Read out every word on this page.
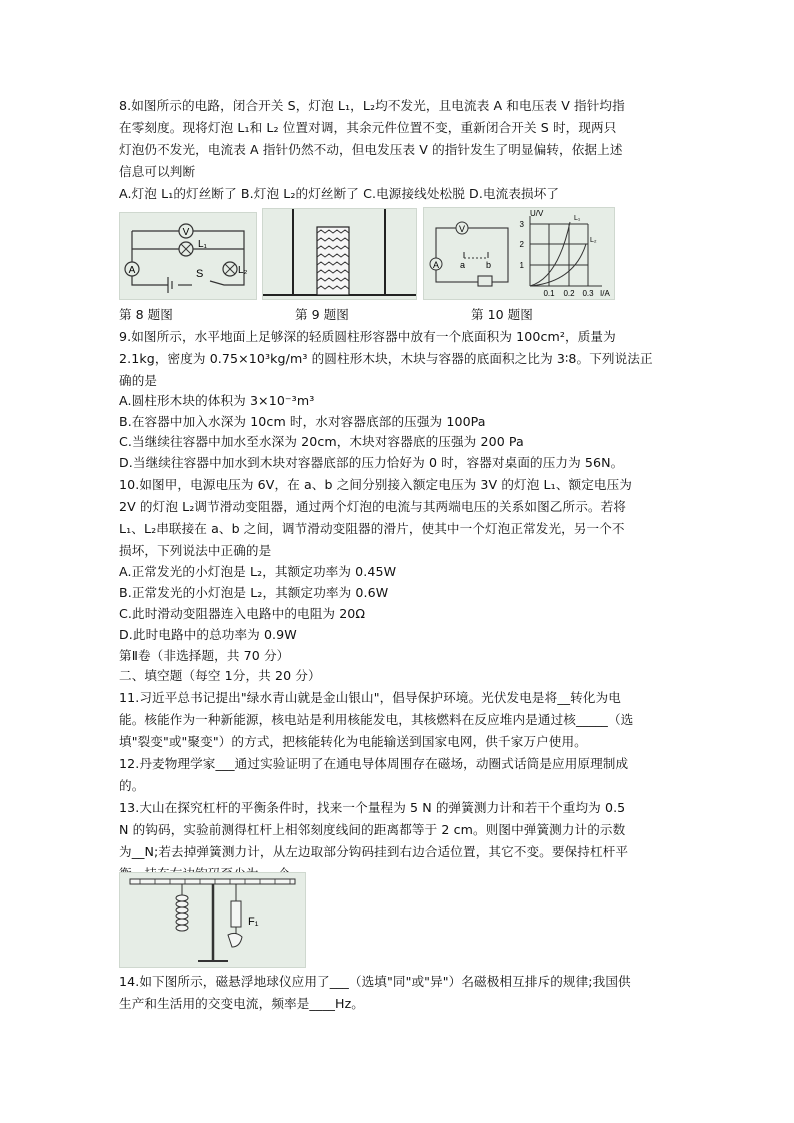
8.如图所示的电路，闭合开关 S，灯泡 L₁，L₂均不发光，且电流表 A 和电压表 V 指针均指
在零刻度。现将灯泡 L₁和 L₂ 位置对调，其余元件位置不变，重新闭合开关 S 时，现两只
灯泡仍不发光，电流表 A 指针仍然不动，但电发压表 V 的指针发生了明显偏转，依据上述
信息可以判断
A.灯泡 L₁的灯丝断了 B.灯泡 L₂的灯丝断了 C.电源接线处松脱 D.电流表损坏了
V
L₁
A	S	L₂
V
A a b
U/V
L₁
L₂
3
2
1
0.1 0.2 0.3 I/A
第 8 题图	第 9 题图	第 10 题图
9.如图所示，水平地面上足够深的轻质圆柱形容器中放有一个底面积为 100cm²，质量为
2.1kg，密度为 0.75×10³kg/m³ 的圆柱形木块，木块与容器的底面积之比为 3∶8。下列说法正
确的是
A.圆柱形木块的体积为 3×10⁻³m³
B.在容器中加入水深为 10cm 时，水对容器底部的压强为 100Pa
C.当继续往容器中加水至水深为 20cm，木块对容器底的压强为 200 Pa
D.当继续往容器中加水到木块对容器底部的压力恰好为 0 时，容器对桌面的压力为 56N。
10.如图甲，电源电压为 6V，在 a、b 之间分别接入额定电压为 3V 的灯泡 L₁、额定电压为
2V 的灯泡 L₂调节滑动变阻器，通过两个灯泡的电流与其两端电压的关系如图乙所示。若将
L₁、L₂串联接在 a、b 之间，调节滑动变阻器的滑片，使其中一个灯泡正常发光，另一个不
损坏，下列说法中正确的是
A.正常发光的小灯泡是 L₂，其额定功率为 0.45W
B.正常发光的小灯泡是 L₂，其额定功率为 0.6W
C.此时滑动变阻器连入电路中的电阻为 20Ω
D.此时电路中的总功率为 0.9W
第Ⅱ卷（非选择题，共 70 分）
二、填空题（每空 1分，共 20 分）
11.习近平总书记提出"绿水青山就是金山银山"，倡导保护环境。光伏发电是将__转化为电
能。核能作为一种新能源，核电站是利用核能发电，其核燃料在反应堆内是通过核_____（选
填"裂变"或"聚变"）的方式，把核能转化为电能输送到国家电网，供千家万户使用。
12.丹麦物理学家___通过实验证明了在通电导体周围存在磁场，动圈式话筒是应用原理制成
的。
13.大山在探究杠杆的平衡条件时，找来一个量程为 5 N 的弹簧测力计和若干个重均为 0.5
N 的钩码，实验前测得杠杆上相邻刻度线间的距离都等于 2 cm。则图中弹簧测力计的示数
为__N;若去掉弹簧测力计，从左边取部分钩码挂到右边合适位置，其它不变。要保持杠杆平
F₁
14.如下图所示，磁悬浮地球仪应用了___（选填"同"或"异"）名磁极相互排斥的规律;我国供
生产和生活用的交变电流，频率是____Hz。
